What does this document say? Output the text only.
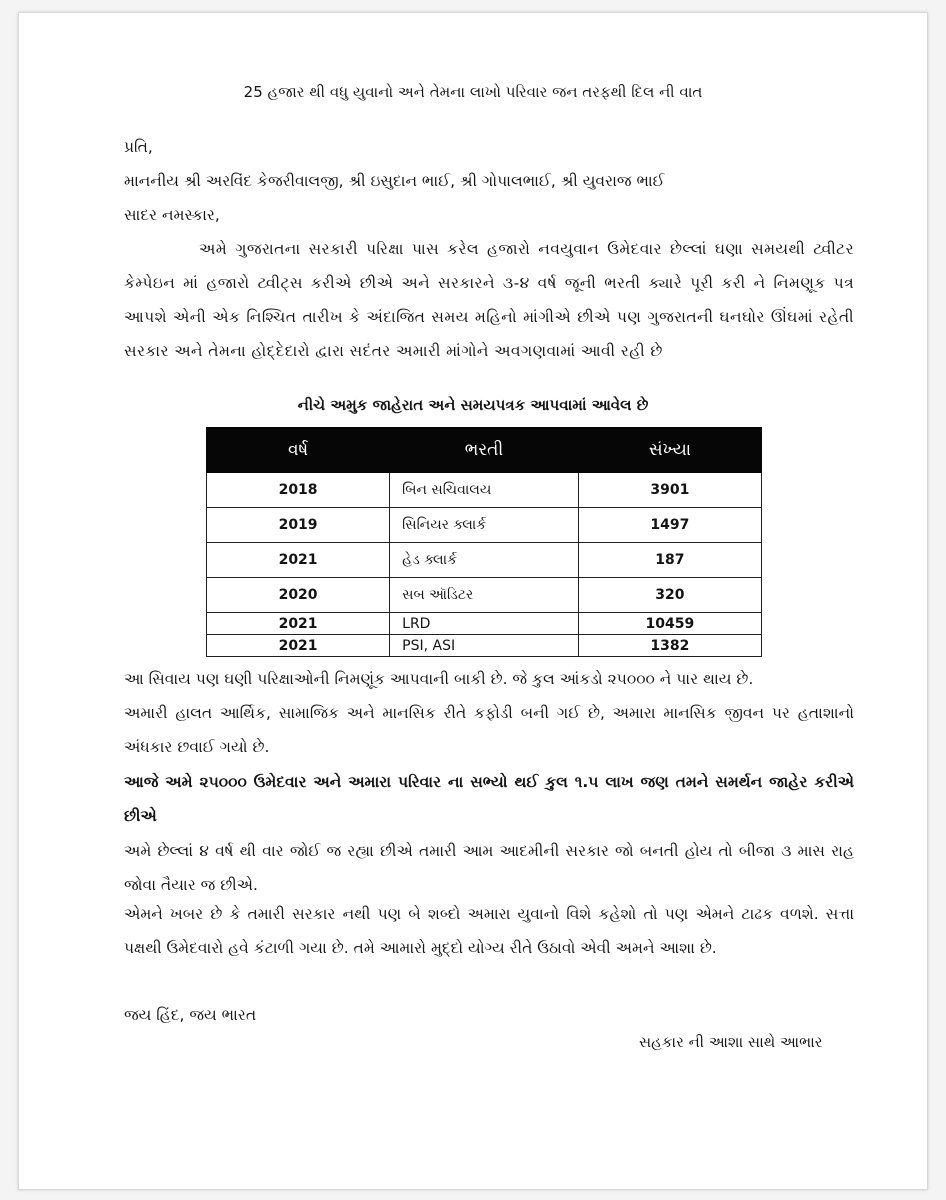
25 હજાર થી વધુ યુવાનો અને તેમના લાખો પરિવાર જન તરફથી દિલ ની વાત
પ્રતિ,
માનનીય શ્રી અરવિંદ કેજરીવાલજી, શ્રી ઇસુદાન ભાઈ, શ્રી ગોપાલભાઈ, શ્રી યુવરાજ ભાઈ
સાદર નમસ્કાર,
અમે ગુજરાતના સરકારી પરિક્ષા પાસ કરેલ હજારો નવયુવાન ઉમેદવાર છેલ્લાં ઘણા સમયથી ટ્વીટર કેમ્પેઇન માં હજારો ટ્વીટ્સ કરીએ છીએ અને સરકારને ૩-૪ વર્ષ જૂની ભરતી ક્યારે પૂરી કરી ને નિમણૂક પત્ર આપશે એની એક નિશ્ચિત તારીખ કે અંદાજિત સમય મહિનો માંગીએ છીએ પણ ગુજરાતની ઘનઘોર ઊંઘમાં રહેતી સરકાર અને તેમના હોદ્દેદારો દ્વારા સદંતર અમારી માંગોને અવગણવામાં આવી રહી છે
નીચે અમુક જાહેરાત અને સમયપત્રક આપવામાં આવેલ છે
વર્ષ	ભરતી	સંખ્યા
2018	બિન સચિવાલય	3901
2019	સિનિયર ક્લાર્ક	1497
2021	હેડ ક્લાર્ક	187
2020	સબ ઑડિટર	320
2021	LRD	10459
2021	PSI, ASI	1382
આ સિવાય પણ ઘણી પરિક્ષાઓની નિમણૂંક આપવાની બાકી છે. જે કુલ આંકડો ૨૫૦૦૦ ને પાર થાય છે.
અમારી હાલત આર્થિક, સામાજિક અને માનસિક રીતે કફોડી બની ગઈ છે, અમારા માનસિક જીવન પર હતાશાનો અંધકાર છવાઈ ગયો છે.
આજે અમે ૨૫૦૦૦ ઉમેદવાર અને અમારા પરિવાર ના સભ્યો થઈ કુલ ૧.૫ લાખ જણ તમને સમર્થન જાહેર કરીએ છીએ
અમે છેલ્લાં ૪ વર્ષ થી વાર જોઈ જ રહ્યા છીએ તમારી આમ આદમીની સરકાર જો બનતી હોય તો બીજા ૩ માસ રાહ જોવા તૈયાર જ છીએ.
એમને ખબર છે કે તમારી સરકાર નથી પણ બે શબ્દો અમારા યુવાનો વિશે કહેશો તો પણ એમને ટાઢક વળશે. સત્તા પક્ષથી ઉમેદવારો હવે કંટાળી ગયા છે. તમે આમારો મુદ્દો યોગ્ય રીતે ઉઠાવો એવી અમને આશા છે.
જય હિંદ, જય ભારત
સહકાર ની આશા સાથે આભાર
